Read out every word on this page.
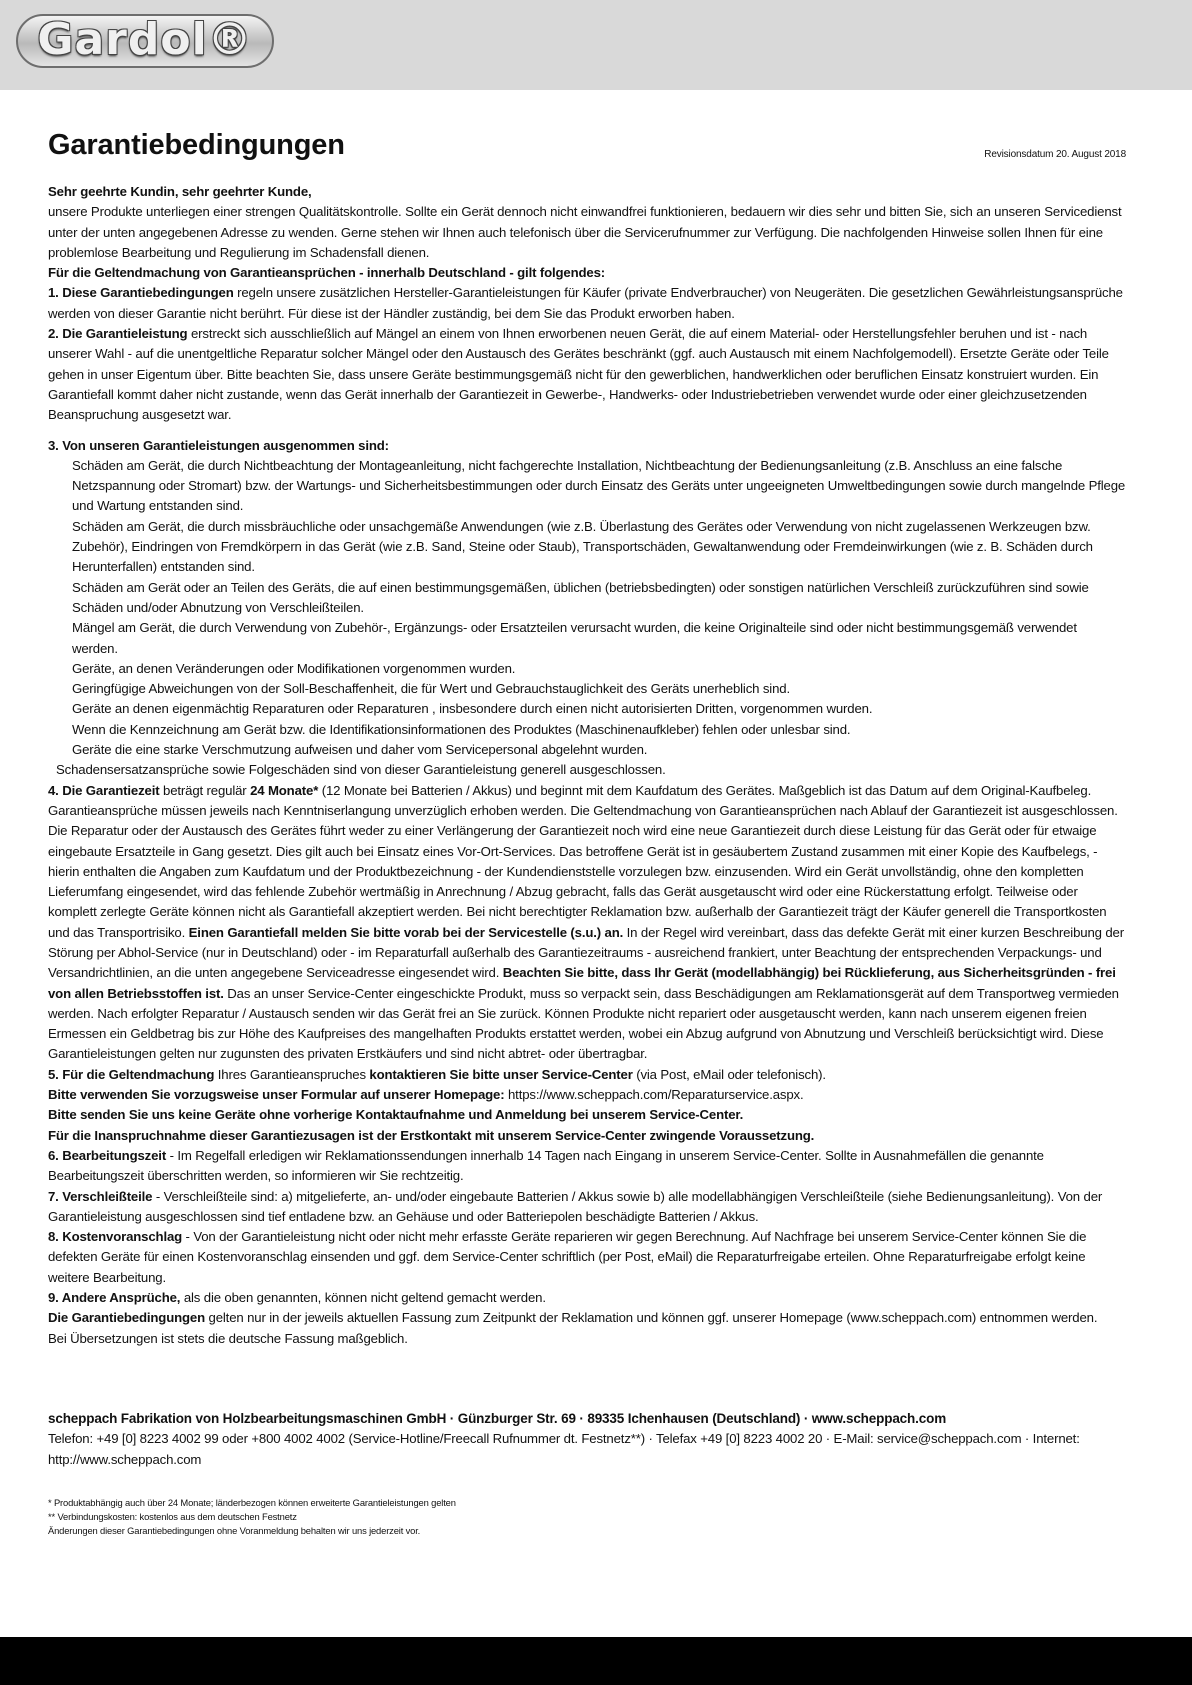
Gardol®
Garantiebedingungen	Revisionsdatum 20. August 2018

Sehr geehrte Kundin, sehr geehrter Kunde,

unsere Produkte unterliegen einer strengen Qualitätskontrolle. Sollte ein Gerät dennoch nicht einwandfrei funktionieren, bedauern wir dies sehr und bitten Sie, sich an unseren Servicedienst unter der unten angegebenen Adresse zu wenden. Gerne stehen wir Ihnen auch telefonisch über die Servicerufnummer zur Verfügung. Die nachfolgenden Hinweise sollen Ihnen für eine problemlose Bearbeitung und Regulierung im Schadensfall dienen.

Für die Geltendmachung von Garantieansprüchen - innerhalb Deutschland - gilt folgendes:

1. Diese Garantiebedingungen regeln unsere zusätzlichen Hersteller-Garantieleistungen für Käufer (private Endverbraucher) von Neugeräten. Die gesetzlichen Gewährleistungsansprüche werden von dieser Garantie nicht berührt. Für diese ist der Händler zuständig, bei dem Sie das Produkt erworben haben.

2. Die Garantieleistung erstreckt sich ausschließlich auf Mängel an einem von Ihnen erworbenen neuen Gerät, die auf einem Material- oder Herstellungsfehler beruhen und ist - nach unserer Wahl - auf die unentgeltliche Reparatur solcher Mängel oder den Austausch des Gerätes beschränkt (ggf. auch Austausch mit einem Nachfolgemodell). Ersetzte Geräte oder Teile gehen in unser Eigentum über. Bitte beachten Sie, dass unsere Geräte bestimmungsgemäß nicht für den gewerblichen, handwerklichen oder beruflichen Einsatz konstruiert wurden. Ein Garantiefall kommt daher nicht zustande, wenn das Gerät innerhalb der Garantiezeit in Gewerbe-, Handwerks- oder Industriebetrieben verwendet wurde oder einer gleichzusetzenden Beanspruchung ausgesetzt war.

3. Von unseren Garantieleistungen ausgenommen sind:

Schäden am Gerät, die durch Nichtbeachtung der Montageanleitung, nicht fachgerechte Installation, Nichtbeachtung der Bedienungsanleitung (z.B. Anschluss an eine falsche Netzspannung oder Stromart) bzw. der Wartungs- und Sicherheitsbestimmungen oder durch Einsatz des Geräts unter ungeeigneten Umweltbedingungen sowie durch mangelnde Pflege und Wartung entstanden sind.
Schäden am Gerät, die durch missbräuchliche oder unsachgemäße Anwendungen (wie z.B. Überlastung des Gerätes oder Verwendung von nicht zugelassenen Werkzeugen bzw. Zubehör), Eindringen von Fremdkörpern in das Gerät (wie z.B. Sand, Steine oder Staub), Transportschäden, Gewaltanwendung oder Fremdeinwirkungen (wie z. B. Schäden durch Herunterfallen) entstanden sind.
Schäden am Gerät oder an Teilen des Geräts, die auf einen bestimmungsgemäßen, üblichen (betriebsbedingten) oder sonstigen natürlichen Verschleiß zurückzuführen sind sowie Schäden und/oder Abnutzung von Verschleißteilen.
Mängel am Gerät, die durch Verwendung von Zubehör-, Ergänzungs- oder Ersatzteilen verursacht wurden, die keine Originalteile sind oder nicht bestimmungsgemäß verwendet werden.
Geräte, an denen Veränderungen oder Modifikationen vorgenommen wurden.
Geringfügige Abweichungen von der Soll-Beschaffenheit, die für Wert und Gebrauchstauglichkeit des Geräts unerheblich sind.
Geräte an denen eigenmächtig Reparaturen oder Reparaturen , insbesondere durch einen nicht autorisierten Dritten, vorgenommen wurden.
Wenn die Kennzeichnung am Gerät bzw. die Identifikationsinformationen des Produktes (Maschinenaufkleber) fehlen oder unlesbar sind.
Geräte die eine starke Verschmutzung aufweisen und daher vom Servicepersonal abgelehnt wurden.

Schadensersatzansprüche sowie Folgeschäden sind von dieser Garantieleistung generell ausgeschlossen.

4. Die Garantiezeit beträgt regulär 24 Monate* (12 Monate bei Batterien / Akkus) und beginnt mit dem Kaufdatum des Gerätes. Maßgeblich ist das Datum auf dem Original-Kaufbeleg. Garantieansprüche müssen jeweils nach Kenntniserlangung unverzüglich erhoben werden. Die Geltendmachung von Garantieansprüchen nach Ablauf der Garantiezeit ist ausgeschlossen. Die Reparatur oder der Austausch des Gerätes führt weder zu einer Verlängerung der Garantiezeit noch wird eine neue Garantiezeit durch diese Leistung für das Gerät oder für etwaige eingebaute Ersatzteile in Gang gesetzt. Dies gilt auch bei Einsatz eines Vor-Ort-Services. Das betroffene Gerät ist in gesäubertem Zustand zusammen mit einer Kopie des Kaufbelegs, - hierin enthalten die Angaben zum Kaufdatum und der Produktbezeichnung - der Kundendienststelle vorzulegen bzw. einzusenden. Wird ein Gerät unvollständig, ohne den kompletten Lieferumfang eingesendet, wird das fehlende Zubehör wertmäßig in Anrechnung / Abzug gebracht, falls das Gerät ausgetauscht wird oder eine Rückerstattung erfolgt. Teilweise oder komplett zerlegte Geräte können nicht als Garantiefall akzeptiert werden. Bei nicht berechtigter Reklamation bzw. außerhalb der Garantiezeit trägt der Käufer generell die Transportkosten und das Transportrisiko. Einen Garantiefall melden Sie bitte vorab bei der Servicestelle (s.u.) an. In der Regel wird vereinbart, dass das defekte Gerät mit einer kurzen Beschreibung der Störung per Abhol-Service (nur in Deutschland) oder - im Reparaturfall außerhalb des Garantiezeitraums - ausreichend frankiert, unter Beachtung der entsprechenden Verpackungs- und Versandrichtlinien, an die unten angegebene Serviceadresse eingesendet wird. Beachten Sie bitte, dass Ihr Gerät (modellabhängig) bei Rücklieferung, aus Sicherheitsgründen - frei von allen Betriebsstoffen ist. Das an unser Service-Center eingeschickte Produkt, muss so verpackt sein, dass Beschädigungen am Reklamationsgerät auf dem Transportweg vermieden werden. Nach erfolgter Reparatur / Austausch senden wir das Gerät frei an Sie zurück. Können Produkte nicht repariert oder ausgetauscht werden, kann nach unserem eigenen freien Ermessen ein Geldbetrag bis zur Höhe des Kaufpreises des mangelhaften Produkts erstattet werden, wobei ein Abzug aufgrund von Abnutzung und Verschleiß berücksichtigt wird. Diese Garantieleistungen gelten nur zugunsten des privaten Erstkäufers und sind nicht abtret- oder übertragbar.

5. Für die Geltendmachung Ihres Garantieanspruches kontaktieren Sie bitte unser Service-Center (via Post, eMail oder telefonisch).

Bitte verwenden Sie vorzugsweise unser Formular auf unserer Homepage: https://www.scheppach.com/Reparaturservice.aspx.

Bitte senden Sie uns keine Geräte ohne vorherige Kontaktaufnahme und Anmeldung bei unserem Service-Center.

Für die Inanspruchnahme dieser Garantiezusagen ist der Erstkontakt mit unserem Service-Center zwingende Voraussetzung.

6. Bearbeitungszeit - Im Regelfall erledigen wir Reklamationssendungen innerhalb 14 Tagen nach Eingang in unserem Service-Center. Sollte in Ausnahmefällen die genannte Bearbeitungszeit überschritten werden, so informieren wir Sie rechtzeitig.

7. Verschleißteile - Verschleißteile sind: a) mitgelieferte, an- und/oder eingebaute Batterien / Akkus sowie b) alle modellabhängigen Verschleißteile (siehe Bedienungsanleitung). Von der Garantieleistung ausgeschlossen sind tief entladene bzw. an Gehäuse und oder Batteriepolen beschädigte Batterien / Akkus.

8. Kostenvoranschlag - Von der Garantieleistung nicht oder nicht mehr erfasste Geräte reparieren wir gegen Berechnung. Auf Nachfrage bei unserem Service-Center können Sie die defekten Geräte für einen Kostenvoranschlag einsenden und ggf. dem Service-Center schriftlich (per Post, eMail) die Reparaturfreigabe erteilen. Ohne Reparaturfreigabe erfolgt keine weitere Bearbeitung.

9. Andere Ansprüche, als die oben genannten, können nicht geltend gemacht werden.

Die Garantiebedingungen gelten nur in der jeweils aktuellen Fassung zum Zeitpunkt der Reklamation und können ggf. unserer Homepage (www.scheppach.com) entnommen werden.

Bei Übersetzungen ist stets die deutsche Fassung maßgeblich.

scheppach Fabrikation von Holzbearbeitungsmaschinen GmbH · Günzburger Str. 69 · 89335 Ichenhausen (Deutschland) · www.scheppach.com

Telefon: +49 [0] 8223 4002 99 oder +800 4002 4002 (Service-Hotline/Freecall Rufnummer dt. Festnetz**) · Telefax +49 [0] 8223 4002 20 · E-Mail: service@scheppach.com · Internet: http://www.scheppach.com

* Produktabhängig auch über 24 Monate; länderbezogen können erweiterte Garantieleistungen gelten

** Verbindungskosten: kostenlos aus dem deutschen Festnetz

Änderungen dieser Garantiebedingungen ohne Voranmeldung behalten wir uns jederzeit vor.
